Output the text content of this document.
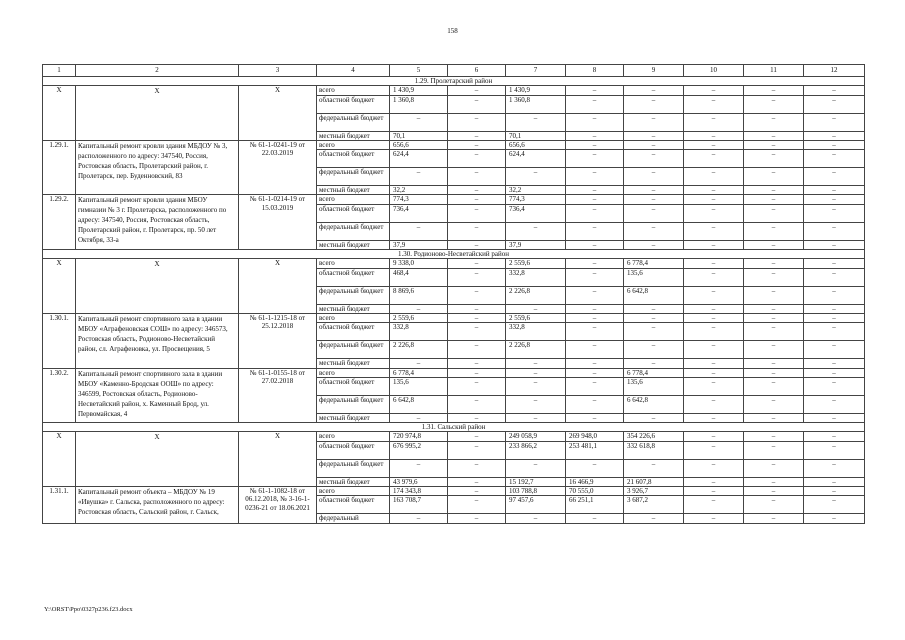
158
1	2	3	4	5	6	7	8	9	10	11	12
1.29. Пролетарский район											
X	X	X	всего	1 430,9	–	1 430,9	–	–	–	–	–
			областной бюджет	1 360,8	–	1 360,8	–	–	–	–	–
			федеральный бюджет	–	–	–	–	–	–	–	–
			местный бюджет	70,1	–	70,1	–	–	–	–	–
1.29.1.	Капитальный ремонт кровли здания МБДОУ № 3, расположенного по адресу: 347540, Россия, Ростовская область, Пролетарский район, г. Пролетарск, пер. Буденновский, 83	№ 61-1-0241-19 от 22.03.2019	всего	656,6	–	656,6	–	–	–	–	–
			областной бюджет	624,4	–	624,4	–	–	–	–	–
			федеральный бюджет	–	–	–	–	–	–	–	–
			местный бюджет	32,2	–	32,2	–	–	–	–	–
1.29.2.	Капитальный ремонт кровли здания МБОУ гимназии № 3 г. Пролетарска, расположенного по адресу: 347540, Россия, Ростовская область, Пролетарский район, г. Пролетарск, пр. 50 лет Октября, 33-а	№ 61-1-0214-19 от 15.03.2019	всего	774,3	–	774,3	–	–	–	–	–
			областной бюджет	736,4	–	736,4	–	–	–	–	–
			федеральный бюджет	–	–	–	–	–	–	–	–
			местный бюджет	37,9	–	37,9	–	–	–	–	–
1.30. Родионово-Несветайский район											
X	X	X	всего	9 338,0	–	2 559,6	–	6 778,4	–	–	–
			областной бюджет	468,4	–	332,8	–	135,6	–	–	–
			федеральный бюджет	8 869,6	–	2 226,8	–	6 642,8	–	–	–
			местный бюджет	–	–	–	–	–	–	–	–
1.30.1.	Капитальный ремонт спортивного зала в здании МБОУ «Аграфеновская СОШ» по адресу: 346573, Ростовская область, Родионово-Несветайский район, сл. Аграфеновка, ул. Просвещения, 5	№ 61-1-1215-18 от 25.12.2018	всего	2 559,6	–	2 559,6	–	–	–	–	–
			областной бюджет	332,8	–	332,8	–	–	–	–	–
			федеральный бюджет	2 226,8	–	2 226,8	–	–	–	–	–
			местный бюджет	–	–	–	–	–	–	–	–
1.30.2.	Капитальный ремонт спортивного зала в здании МБОУ «Каменно-Бродская ООШ» по адресу: 346599, Ростовская область, Родионово-Несветайский район, х. Каменный Брод, ул. Первомайская, 4	№ 61-1-0155-18 от 27.02.2018	всего	6 778,4	–	–	–	6 778,4	–	–	–
			областной бюджет	135,6	–	–	–	135,6	–	–	–
			федеральный бюджет	6 642,8	–	–	–	6 642,8	–	–	–
			местный бюджет	–	–	–	–	–	–	–	–
1.31. Сальский район											
X	X	X	всего	720 974,8	–	249 058,9	269 948,0	354 226,6	–	–	–
			областной бюджет	676 995,2	–	233 866,2	253 481,1	332 618,8	–	–	–
			федеральный бюджет	–	–	–	–	–	–	–	–
			местный бюджет	43 979,6	–	15 192,7	16 466,9	21 607,8	–	–	–
1.31.1.	Капитальный ремонт объекта – МБДОУ № 19 «Ивушка» г. Сальска, расположенного по адресу: Ростовская область, Сальский район, г. Сальск,	№ 61-1-1082-18 от 06.12.2018, № 3-16-1-0236-21 от 18.06.2021	всего	174 343,8	–	103 788,8	70 555,0	3 926,7	–	–	–
			областной бюджет	163 708,7	–	97 457,6	66 251,1	3 687,2	–	–	–
			федеральный	–	–	–	–	–	–	–	–
Y:\ORST\Ppo\0327p236.f23.docx
